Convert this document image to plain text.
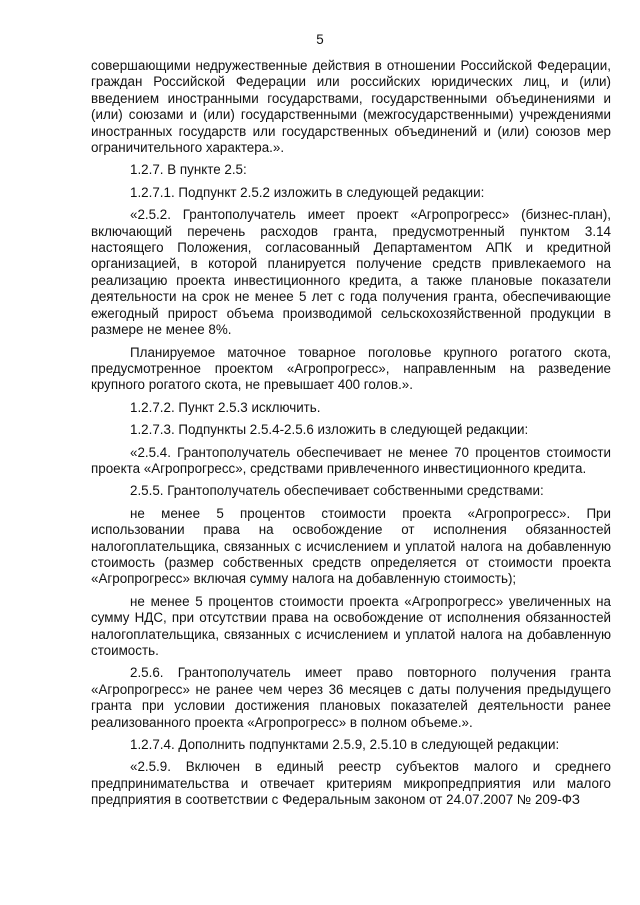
5

совершающими недружественные действия в отношении Российской Федерации, граждан Российской Федерации или российских юридических лиц, и (или) введением иностранными государствами, государственными объединениями и (или) союзами и (или) государственными (межгосударственными) учреждениями иностранных государств или государственных объединений и (или) союзов мер ограничительного характера.».

1.2.7. В пункте 2.5:

1.2.7.1. Подпункт 2.5.2 изложить в следующей редакции:

«2.5.2. Грантополучатель имеет проект «Агропрогресс» (бизнес-план), включающий перечень расходов гранта, предусмотренный пунктом 3.14 настоящего Положения, согласованный Департаментом АПК и кредитной организацией, в которой планируется получение средств привлекаемого на реализацию проекта инвестиционного кредита, а также плановые показатели деятельности на срок не менее 5 лет с года получения гранта, обеспечивающие ежегодный прирост объема производимой сельскохозяйственной продукции в размере не менее 8%.

Планируемое маточное товарное поголовье крупного рогатого скота, предусмотренное проектом «Агропрогресс», направленным на разведение крупного рогатого скота, не превышает 400 голов.».

1.2.7.2. Пункт 2.5.3 исключить.

1.2.7.3. Подпункты 2.5.4-2.5.6 изложить в следующей редакции:

«2.5.4. Грантополучатель обеспечивает не менее 70 процентов стоимости проекта «Агропрогресс», средствами привлеченного инвестиционного кредита.

2.5.5. Грантополучатель обеспечивает собственными средствами:

не менее 5 процентов стоимости проекта «Агропрогресс». При использовании права на освобождение от исполнения обязанностей налогоплательщика, связанных с исчислением и уплатой налога на добавленную стоимость (размер собственных средств определяется от стоимости проекта «Агропрогресс» включая сумму налога на добавленную стоимость);

не менее 5 процентов стоимости проекта «Агропрогресс» увеличенных на сумму НДС, при отсутствии права на освобождение от исполнения обязанностей налогоплательщика, связанных с исчислением и уплатой налога на добавленную стоимость.

2.5.6. Грантополучатель имеет право повторного получения гранта «Агропрогресс» не ранее чем через 36 месяцев с даты получения предыдущего гранта при условии достижения плановых показателей деятельности ранее реализованного проекта «Агропрогресс» в полном объеме.».

1.2.7.4. Дополнить подпунктами 2.5.9, 2.5.10 в следующей редакции:

«2.5.9. Включен в единый реестр субъектов малого и среднего предпринимательства и отвечает критериям микропредприятия или малого предприятия в соответствии с Федеральным законом от 24.07.2007 № 209-ФЗ
